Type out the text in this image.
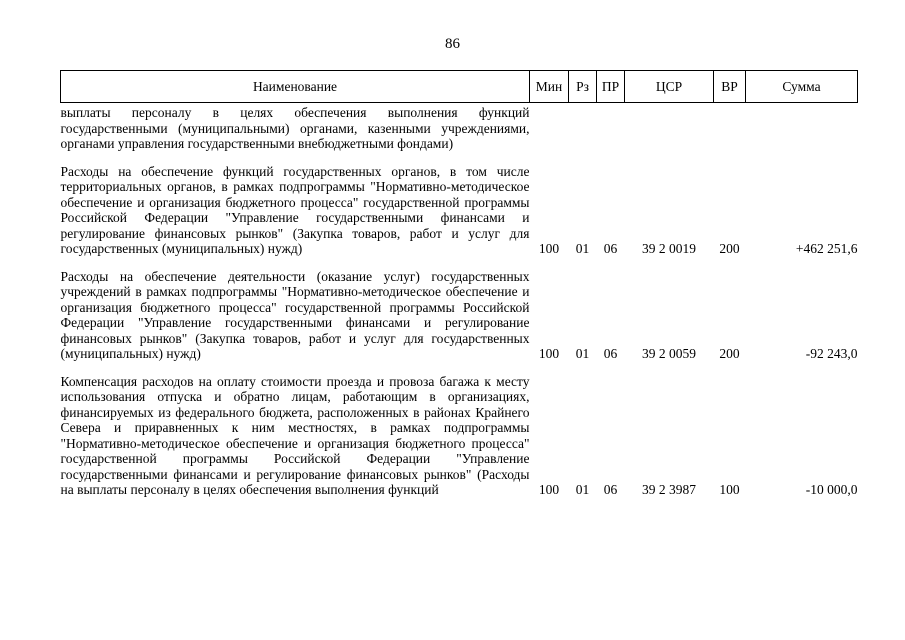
86
Наименование	Мин	Рз	ПР	ЦСР	ВР	Сумма
выплаты персоналу в целях обеспечения выполнения функций государственными (муниципальными) органами, казенными учреждениями, органами управления государственными внебюджетными фондами)						
Расходы на обеспечение функций государственных органов, в том числе территориальных органов, в рамках подпрограммы "Нормативно-методическое обеспечение и организация бюджетного процесса" государственной программы Российской Федерации "Управление государственными финансами и регулирование финансовых рынков" (Закупка товаров, работ и услуг для государственных (муниципальных) нужд)	100	01	06	39 2 0019	200	+462 251,6
Расходы на обеспечение деятельности (оказание услуг) государственных учреждений в рамках подпрограммы "Нормативно-методическое обеспечение и организация бюджетного процесса" государственной программы Российской Федерации "Управление государственными финансами и регулирование финансовых рынков" (Закупка товаров, работ и услуг для государственных (муниципальных) нужд)	100	01	06	39 2 0059	200	-92 243,0
Компенсация расходов на оплату стоимости проезда и провоза багажа к месту использования отпуска и обратно лицам, работающим в организациях, финансируемых из федерального бюджета, расположенных в районах Крайнего Севера и приравненных к ним местностях, в рамках подпрограммы "Нормативно-методическое обеспечение и организация бюджетного процесса" государственной программы Российской Федерации "Управление государственными финансами и регулирование финансовых рынков" (Расходы на выплаты персоналу в целях обеспечения выполнения функций	100	01	06	39 2 3987	100	-10 000,0
